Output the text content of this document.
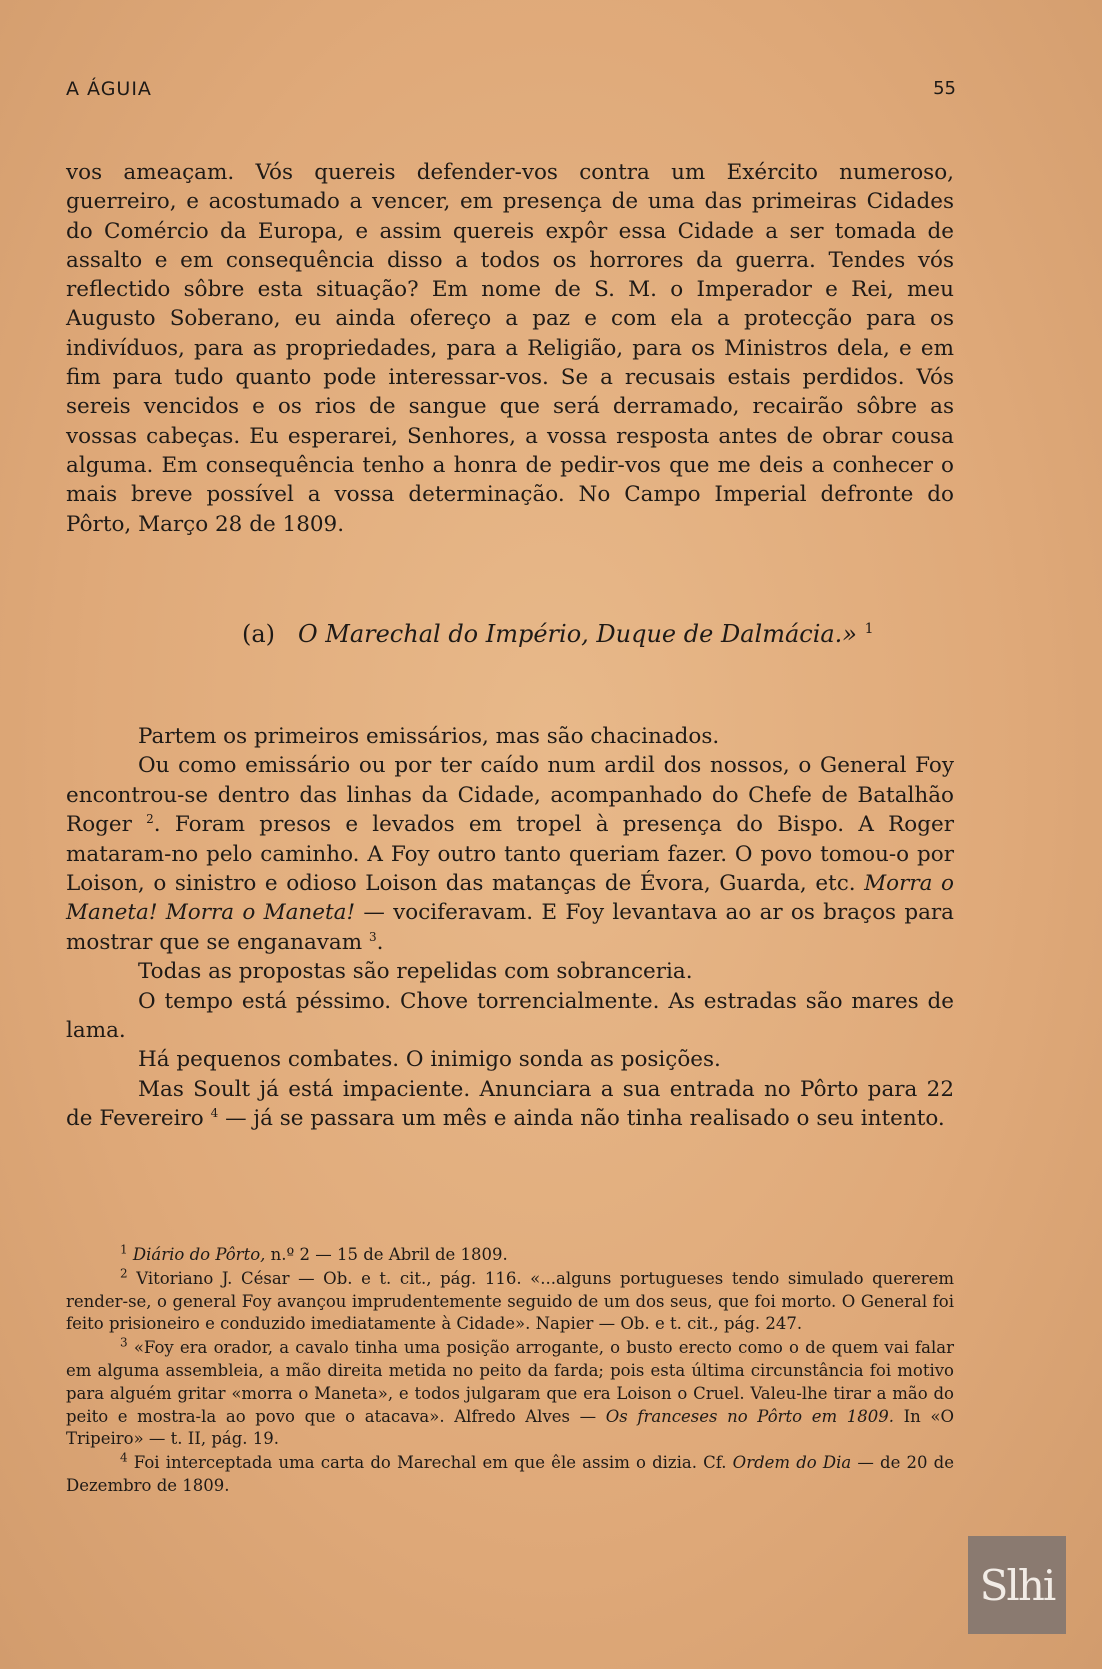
A ÁGUIA	55

vos ameaçam. Vós quereis defender-vos contra um Exército numeroso, guerreiro, e acostumado a vencer, em presença de uma das primeiras Cidades do Comércio da Europa, e assim quereis expôr essa Cidade a ser tomada de assalto e em consequência disso a todos os horrores da guerra. Tendes vós reflectido sôbre esta situação? Em nome de S. M. o Imperador e Rei, meu Augusto Soberano, eu ainda ofereço a paz e com ela a protecção para os indivíduos, para as propriedades, para a Religião, para os Ministros dela, e em fim para tudo quanto pode interessar-vos. Se a recusais estais perdidos. Vós sereis vencidos e os rios de sangue que será derramado, recairão sôbre as vossas cabeças. Eu esperarei, Senhores, a vossa resposta antes de obrar cousa alguma. Em consequência tenho a honra de pedir-vos que me deis a conhecer o mais breve possível a vossa determinação. No Campo Imperial defronte do Pôrto, Março 28 de 1809.

(a) O Marechal do Império, Duque de Dalmácia.» $^1$

Partem os primeiros emissários, mas são chacinados.

Ou como emissário ou por ter caído num ardil dos nossos, o General Foy encontrou-se dentro das linhas da Cidade, acompanhado do Chefe de Batalhão Roger $^2$. Foram presos e levados em tropel à presença do Bispo. A Roger mataram-no pelo caminho. A Foy outro tanto queriam fazer. O povo tomou-o por Loison, o sinistro e odioso Loison das matanças de Évora, Guarda, etc. Morra o Maneta! Morra o Maneta! — vociferavam. E Foy levantava ao ar os braços para mostrar que se enganavam $^3$.

Todas as propostas são repelidas com sobranceria.

O tempo está péssimo. Chove torrencialmente. As estradas são mares de lama.

Há pequenos combates. O inimigo sonda as posições.

Mas Soult já está impaciente. Anunciara a sua entrada no Pôrto para 22 de Fevereiro $^4$ — já se passara um mês e ainda não tinha realisado o seu intento.

$^1$ Diário do Pôrto, n.º 2 — 15 de Abril de 1809.

$^2$ Vitoriano J. César — Ob. e t. cit., pág. 116. «...alguns portugueses tendo simulado quererem render-se, o general Foy avançou imprudentemente seguido de um dos seus, que foi morto. O General foi feito prisioneiro e conduzido imediatamente à Cidade». Napier — Ob. e t. cit., pág. 247.

$^3$ «Foy era orador, a cavalo tinha uma posição arrogante, o busto erecto como o de quem vai falar em alguma assembleia, a mão direita metida no peito da farda; pois esta última circunstância foi motivo para alguém gritar «morra o Maneta», e todos julgaram que era Loison o Cruel. Valeu-lhe tirar a mão do peito e mostra-la ao povo que o atacava». Alfredo Alves — Os franceses no Pôrto em 1809. In «O Tripeiro» — t. II, pág. 19.

$^4$ Foi interceptada uma carta do Marechal em que êle assim o dizia. Cf. Ordem do Dia — de 20 de Dezembro de 1809.

Slhi
